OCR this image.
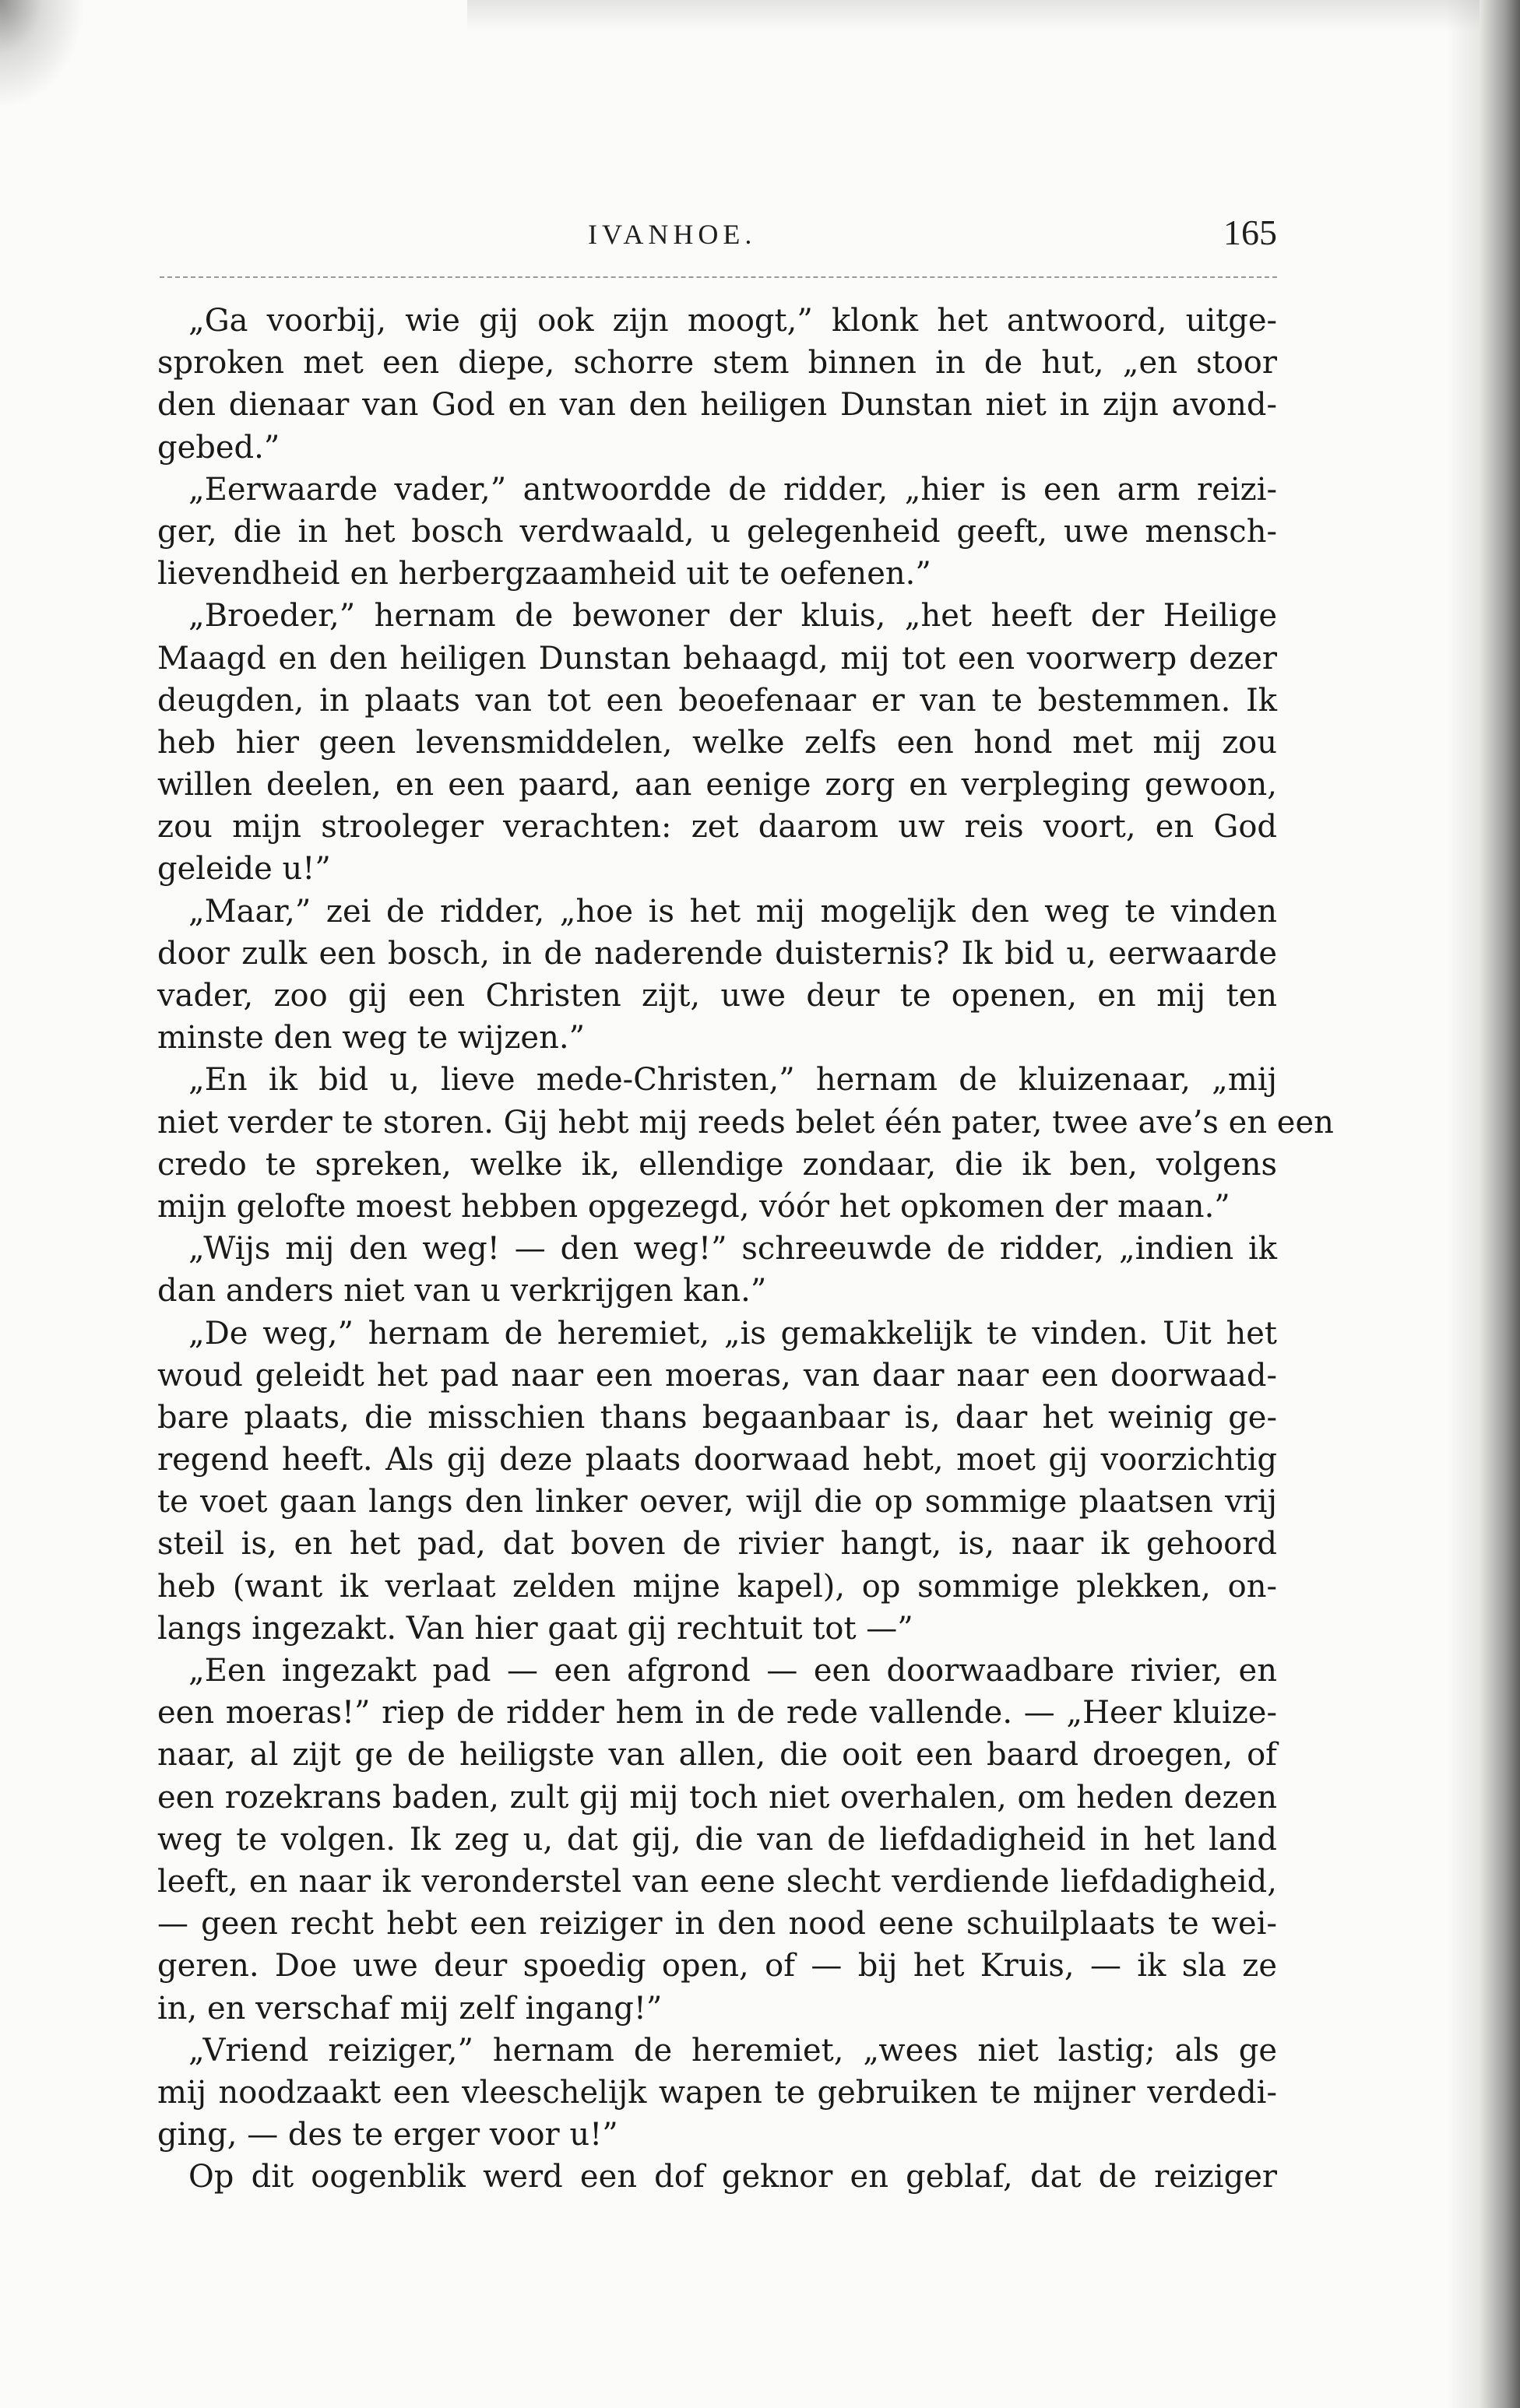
IVANHOE.	165
„Ga voorbij, wie gij ook zijn moogt,” klonk het antwoord, uitge-
sproken met een diepe, schorre stem binnen in de hut, „en stoor
den dienaar van God en van den heiligen Dunstan niet in zijn avond-
gebed.”
„Eerwaarde vader,” antwoordde de ridder, „hier is een arm reizi-
ger, die in het bosch verdwaald, u gelegenheid geeft, uwe mensch-
lievendheid en herbergzaamheid uit te oefenen.”
„Broeder,” hernam de bewoner der kluis, „het heeft der Heilige
Maagd en den heiligen Dunstan behaagd, mij tot een voorwerp dezer
deugden, in plaats van tot een beoefenaar er van te bestemmen. Ik
heb hier geen levensmiddelen, welke zelfs een hond met mij zou
willen deelen, en een paard, aan eenige zorg en verpleging gewoon,
zou mijn strooleger verachten: zet daarom uw reis voort, en God
geleide u!”
„Maar,” zei de ridder, „hoe is het mij mogelijk den weg te vinden
door zulk een bosch, in de naderende duisternis? Ik bid u, eerwaarde
vader, zoo gij een Christen zijt, uwe deur te openen, en mij ten
minste den weg te wijzen.”
„En ik bid u, lieve mede-Christen,” hernam de kluizenaar, „mij
niet verder te storen. Gij hebt mij reeds belet één pater, twee ave’s en een
credo te spreken, welke ik, ellendige zondaar, die ik ben, volgens
mijn gelofte moest hebben opgezegd, vóór het opkomen der maan.”
„Wijs mij den weg! — den weg!” schreeuwde de ridder, „indien ik
dan anders niet van u verkrijgen kan.”
„De weg,” hernam de heremiet, „is gemakkelijk te vinden. Uit het
woud geleidt het pad naar een moeras, van daar naar een doorwaad-
bare plaats, die misschien thans begaanbaar is, daar het weinig ge-
regend heeft. Als gij deze plaats doorwaad hebt, moet gij voorzichtig
te voet gaan langs den linker oever, wijl die op sommige plaatsen vrij
steil is, en het pad, dat boven de rivier hangt, is, naar ik gehoord
heb (want ik verlaat zelden mijne kapel), op sommige plekken, on-
langs ingezakt. Van hier gaat gij rechtuit tot —”
„Een ingezakt pad — een afgrond — een doorwaadbare rivier, en
een moeras!” riep de ridder hem in de rede vallende. — „Heer kluize-
naar, al zijt ge de heiligste van allen, die ooit een baard droegen, of
een rozekrans baden, zult gij mij toch niet overhalen, om heden dezen
weg te volgen. Ik zeg u, dat gij, die van de liefdadigheid in het land
leeft, en naar ik veronderstel van eene slecht verdiende liefdadigheid,
— geen recht hebt een reiziger in den nood eene schuilplaats te wei-
geren. Doe uwe deur spoedig open, of — bij het Kruis, — ik sla ze
in, en verschaf mij zelf ingang!”
„Vriend reiziger,” hernam de heremiet, „wees niet lastig; als ge
mij noodzaakt een vleeschelijk wapen te gebruiken te mijner verdedi-
ging, — des te erger voor u!”
Op dit oogenblik werd een dof geknor en geblaf, dat de reiziger
